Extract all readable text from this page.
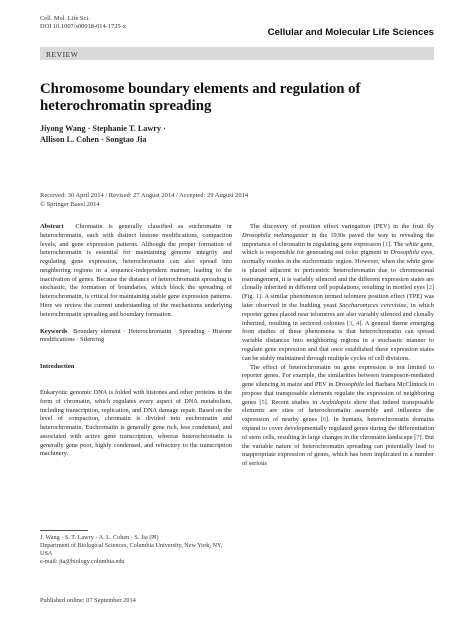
Cell. Mol. Life Sci.
DOI 10.1007/s00018-014-1725-x
Cellular and Molecular Life Sciences
REVIEW
Chromosome boundary elements and regulation of heterochromatin spreading
Jiyong Wang · Stephanie T. Lawry ·
Allison L. Cohen · Songtao Jia
Received: 30 April 2014 / Revised: 27 August 2014 / Accepted: 29 August 2014
© Springer Basel 2014

Abstract Chromatin is generally classified as euchromatin or heterochromatin, each with distinct histone modifications, compaction levels, and gene expression patterns. Although the proper formation of heterochromatin is essential for maintaining genome integrity and regulating gene expression, heterochromatin can also spread into neighboring regions in a sequence-independent manner, leading to the inactivation of genes. Because the distance of heterochromatin spreading is stochastic, the formation of boundaries, which block the spreading of heterochromatin, is critical for maintaining stable gene expression patterns. Here we review the current understanding of the mechanisms underlying heterochromatin spreading and boundary formation.

Keywords Boundary element · Heterochromatin · Spreading · Histone modifications · Silencing

Introduction

Eukaryotic genomic DNA is folded with histones and other proteins in the form of chromatin, which regulates every aspect of DNA metabolism, including transcription, replication, and DNA damage repair. Based on the level of compaction, chromatin is divided into euchromatin and heterochromatin. Euchromatin is generally gene rich, less condensed, and associated with active gene transcription, whereas heterochromatin is generally gene poor, highly condensed, and refractory to the transcription machinery.

J. Wang · S. T. Lawry · A. L. Cohen · S. Jia (✉)
Department of Biological Sciences, Columbia University, New York, NY, USA
e-mail: jia@biology.columbia.edu
Published online: 07 September 2014

The discovery of position effect variegation (PEV) in the fruit fly Drosophila melanogaster in the 1930s paved the way to revealing the importance of chromatin in regulating gene expression [1]. The white gene, which is responsible for generating red color pigment in Drosophila eyes, normally resides in the euchromatic region. However, when the white gene is placed adjacent to pericentric heterochromatin due to chromosomal rearrangement, it is variably silenced and the different expression states are clonally inherited in different cell populations, resulting in mottled eyes [2] (Fig. 1). A similar phenomenon termed telomere position effect (TPE) was later observed in the budding yeast Saccharomyces cerevisiae, in which reporter genes placed near telomeres are also variably silenced and clonally inherited, resulting in sectored colonies [3, 4]. A general theme emerging from studies of these phenomena is that heterochromatin can spread variable distances into neighboring regions in a stochastic manner to regulate gene expression and that once established these expression states can be stably maintained through multiple cycles of cell divisions.

The effect of heterochromatin on gene expression is not limited to reporter genes. For example, the similarities between transposon-mediated gene silencing in maize and PEV in Drosophila led Barbara McClintock to propose that transposable elements regulate the expression of neighboring genes [5]. Recent studies in Arabidopsis show that indeed transposable elements are sites of heterochromatin assembly and influence the expression of nearby genes [6]. In humans, heterochromatin domains expand to cover developmentally regulated genes during the differentiation of stem cells, resulting in large changes in the chromatin landscape [7]. But the variable nature of heterochromatin spreading can potentially lead to inappropriate expression of genes, which has been implicated in a number of serious
